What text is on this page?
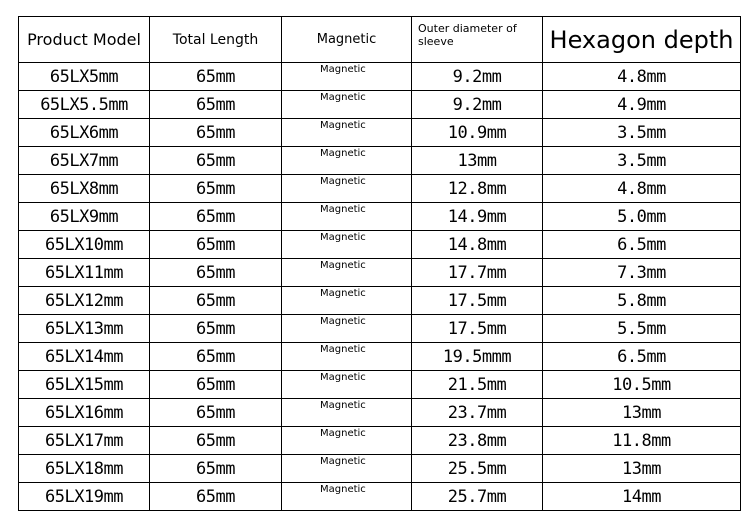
Product Model	Total Length	Magnetic	Outer diameter of sleeve	Hexagon depth
65LX5mm	65mm	Magnetic	9.2mm	4.8mm
65LX5.5mm	65mm	Magnetic	9.2mm	4.9mm
65LX6mm	65mm	Magnetic	10.9mm	3.5mm
65LX7mm	65mm	Magnetic	13mm	3.5mm
65LX8mm	65mm	Magnetic	12.8mm	4.8mm
65LX9mm	65mm	Magnetic	14.9mm	5.0mm
65LX10mm	65mm	Magnetic	14.8mm	6.5mm
65LX11mm	65mm	Magnetic	17.7mm	7.3mm
65LX12mm	65mm	Magnetic	17.5mm	5.8mm
65LX13mm	65mm	Magnetic	17.5mm	5.5mm
65LX14mm	65mm	Magnetic	19.5mmm	6.5mm
65LX15mm	65mm	Magnetic	21.5mm	10.5mm
65LX16mm	65mm	Magnetic	23.7mm	13mm
65LX17mm	65mm	Magnetic	23.8mm	11.8mm
65LX18mm	65mm	Magnetic	25.5mm	13mm
65LX19mm	65mm	Magnetic	25.7mm	14mm
